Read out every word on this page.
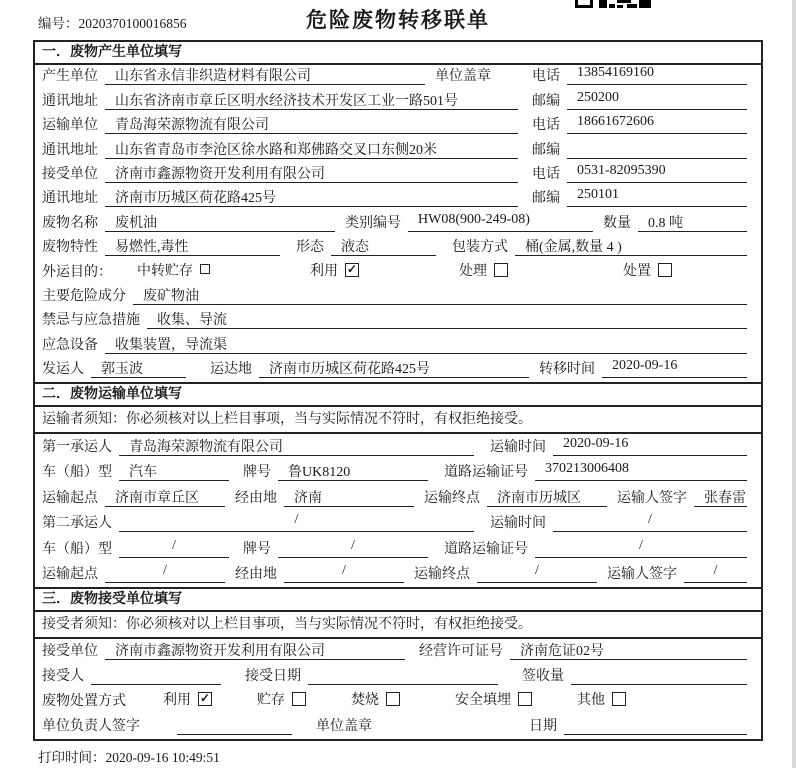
编号：2020370100016856	危险废物转移联单
一．废物产生单位填写
产生单位	山东省永信非织造材料有限公司	单位盖章	电话	13854169160
通讯地址	山东省济南市章丘区明水经济技术开发区工业一路501号	邮编	250200
运输单位	青岛海荣源物流有限公司	电话	18661672606
通讯地址	山东省青岛市李沧区徐水路和郑佛路交叉口东侧20米	邮编
接受单位	济南市鑫源物资开发利用有限公司	电话	0531-82095390
通讯地址	济南市历城区荷花路425号	邮编	250101
废物名称	废机油	类别编号	HW08(900-249-08)	数量	0.8 吨
废物特性	易燃性,毒性	形态	液态	包装方式	桶(金属,数量 4 )
外运目的： 中转贮存	利用 ✓	处理	处置
主要危险成分	废矿物油
禁忌与应急措施	收集、导流
应急设备	收集装置，导流渠
发运人	郭玉波	运达地	济南市历城区荷花路425号	转移时间	2020-09-16
二．废物运输单位填写
运输者须知：你必须核对以上栏目事项，当与实际情况不符时，有权拒绝接受。
第一承运人	青岛海荣源物流有限公司	运输时间	2020-09-16
车（船）型	汽车	牌号	鲁UK8120	道路运输证号	370213006408
运输起点	济南市章丘区	经由地	济南	运输终点	济南市历城区	运输人签字	张春雷
第二承运人	/	运输时间	/
车（船）型	/	牌号	/	道路运输证号	/
运输起点	/	经由地	/	运输终点	/	运输人签字	/
三．废物接受单位填写
接受者须知：你必须核对以上栏目事项，当与实际情况不符时，有权拒绝接受。
接受单位	济南市鑫源物资开发利用有限公司	经营许可证号	济南危证02号
接受人	接受日期	签收量
废物处置方式	利用 ✓	贮存	焚烧	安全填埋	其他
单位负责人签字	单位盖章	日期
打印时间：2020-09-16 10:49:51
